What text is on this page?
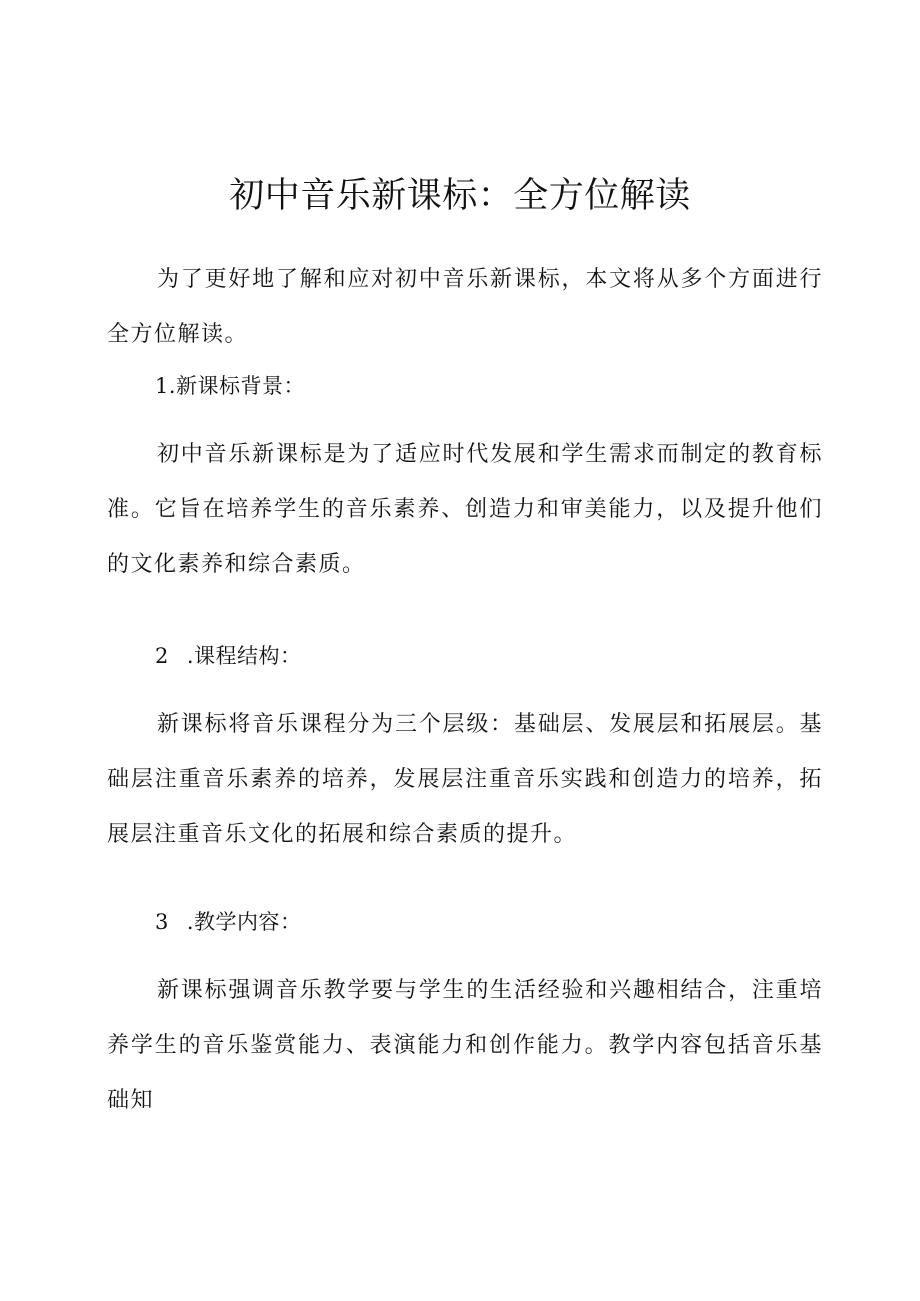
初中音乐新课标：全方位解读

为了更好地了解和应对初中音乐新课标，本文将从多个方面进行全方位解读。

1.新课标背景：

初中音乐新课标是为了适应时代发展和学生需求而制定的教育标准。它旨在培养学生的音乐素养、创造力和审美能力，以及提升他们的文化素养和综合素质。

2 .课程结构：

新课标将音乐课程分为三个层级：基础层、发展层和拓展层。基础层注重音乐素养的培养，发展层注重音乐实践和创造力的培养，拓展层注重音乐文化的拓展和综合素质的提升。

3 .教学内容：

新课标强调音乐教学要与学生的生活经验和兴趣相结合，注重培养学生的音乐鉴赏能力、表演能力和创作能力。教学内容包括音乐基础知
